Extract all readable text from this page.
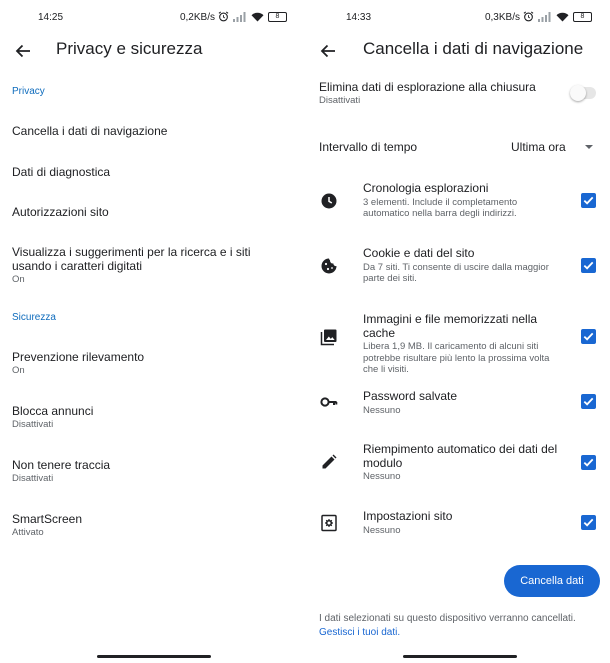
14:25	0,2KB/s	8
Privacy e sicurezza
Privacy
Cancella i dati di navigazione
Dati di diagnostica
Autorizzazioni sito
Visualizza i suggerimenti per la ricerca e i siti usando i caratteri digitati
On
Sicurezza
Prevenzione rilevamento
On
Blocca annunci
Disattivati
Non tenere traccia
Disattivati
SmartScreen
Attivato
14:33	0,3KB/s	8
Cancella i dati di navigazione
Elimina dati di esplorazione alla chiusura
Disattivati
Intervallo di tempo	Ultima ora
Cronologia esplorazioni
3 elementi. Include il completamento automatico nella barra degli indirizzi.
Cookie e dati del sito
Da 7 siti. Ti consente di uscire dalla maggior parte dei siti.
Immagini e file memorizzati nella cache
Libera 1,9 MB. Il caricamento di alcuni siti potrebbe risultare più lento la prossima volta che li visiti.
Password salvate
Nessuno
Riempimento automatico dei dati del modulo
Nessuno
Impostazioni sito
Nessuno
Cancella dati
I dati selezionati su questo dispositivo verranno cancellati.
Gestisci i tuoi dati.
